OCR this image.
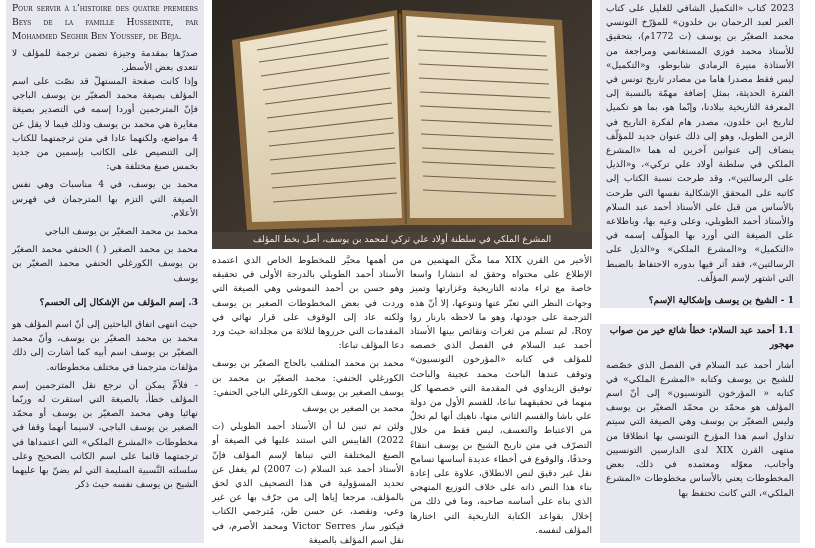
2023 كتاب «التكميل الشافي للغليل على كتاب العبر لعبد الرحمان بن خلدون» للمؤرّخ التونسي محمد الصغيّر بن يوسف (ت 1772م)، بتحقيق للأستاذ محمد فوزي المستغانمي ومراجعة من الأستاذة منيرة الرمادي شابوطو، و«التكميل» ليس فقط مصدرا هاما من مصادر تاريخ تونس في الفترة الحديثة، بمثل إضافة مهمّة بالنسبة إلى المعرفة التاريخية ببلادنا، وإنّما هو، بما هو تكميل لتاريخ ابن خلدون، مصدر هام لفكرة التاريخ في الزمن الطويل، وهو إلى ذلك عنوان جديد للمؤلّف ينضاف إلى عنوانين آخرين له هما «المشرع الملكي في سلطنة أولاد علي تركي»، و«الذيل على الرسالتين»، وقد طرحت نسبة الكتاب إلى كاتبه على المحقق الإشكالية نفسها التي طرحت بالأساس من قبل على الأستاذ أحمد عبد السلام والأستاذ أحمد الطويلي، وعلى وعيه بها، وباطلاعه على الصيغة التي أورد بها المؤلّف إسمه في «التكميل» و«المشرع الملكي» و«الذيل على الرسالتين»، فقد آثر فيها بدوره الاحتفاظ بالضبط التي اشتهر لإسم المؤلّف.

1 - الشيخ بن يوسف وإشكالية الإسم؟

1.1 أحمد عبد السلام: خطأ شائع خير من صواب مهجور

أشار أحمد عبد السلام في الفصل الذي خصّصه للشيخ بن يوسف وكتابه «المشرع الملكي» في كتابه « المؤرخون التونسيون» إلى أنّ اسم المؤلف هو محمّد بن محمّد الصغيّر بن يوسف وليس الصغيّر بن يوسف وهي الصيغة التي سيتم تداول اسم هذا المؤرخ التونسي بها انطلاقا من منتهى القرن XIX لدى الدارسين التونسيين وأجانب، معوّله ومعتمده في ذلك، بعض المخطوطات يعني بالأساس مخطوطات «المشرع الملكي»، التي كانت تحتفظ بها

المشرع الملكي في سلطنة أولاد علي تركي لمحمد بن يوسف، أصل بخط المؤلف

الأخير من القرن XIX مما مكّن المهتمين من الإطلاع على محتواه وحقق له انتشارا واسعا خاصة مع ثراء مادته التاريخية وغزارتها وتميز وجهات النظر التي تعبّر عنها وتنوعها، إلا أنّ هذه الترجمة على جودتها، وهو ما لاحظه بارنار روا Roy، لم تسلم من ثغرات ونقائص بينها الأستاذ أحمد عبد السلام في الفصل الذي خصصه للمؤلف في كتابه «المؤرخون التونسيون» وتوقف عندها الباحث محمد عجينة والباحث توفيق الزيداوي في المقدمة التي خصصها كل منهما في تحقيقهما تباعا، للقسم الأول من دولة علي باشا والقسم الثاني منها، ناهيك أنها لم تخلُ من الاعتباط والتعسف، ليس فقط من خلال التصرّف في متن تاريخ الشيخ بن يوسف انتقاءً وحذفًا، والوقوع في أخطاء عديدة أساسها تسامح نقل غير دقيق لنص الانطلاق، علاوة على إعادة بناء هذا النص ذاته على خلاف التوزيع المنهجي الذي بناه على أساسه صاحبه، وما في ذلك من إخلال بقواعد الكتابة التاريخية التي اختارها المؤلف لنفسه.

من أهمها محيَّر للمخطوط الخاص الذي اعتمده الأستاذ أحمد الطويلي بالدرجة الأولى في تحقيقه وهو حسن بن أحمد النموشي وهي الصيغة التي وردت في بعض المخطوطات الصغير بن يوسف ولكنه عاد إلى الوقوف على قرار نهائي في المقدمات التي حرروها لثلاثة من مجلداته حيث ورد دعا المؤلف تباعا:

محمد بن محمد المتلقب بالحاج الصغيّر بن يوسف الكورغلي الحنفي: محمد الصغيّر بن محمد بن يوسف الصغير بن يوسف الكورغلي الباجي الحنفي:

محمد بن الصغير بن يوسف

ولئن تم تبين لنا أن الأستاذ أحمد الطويلي (ت 2022) القايبس التي استند عليها في الصيغة أو الصيغ المختلفة التي تبناها لإسم المؤلف فإنّ الأستاذ أحمد عبد السلام (ت 2007) لم يغفل عن تحديد المسؤولية في هذا التصحيف الذي لحق بالمؤلف، مرجعا إياها إلى من حرّف بها عن غير وعي، ونقصد، عن حسن ظن، مُترجمي الكتاب فيكتور سار Victor Serres ومحمد الأصرم، في نقل اسم المؤلف بالصيغة

Pour servir à l’histoire des quatre premiers Beys de la famille Husseinite, par Mohammed Seghir Ben Youssef, de Béja.

صدرّها بمقدمة وجيزة تضمن ترجمة للمؤلف لا تتعدى بعض الأسطر.

وإذا كانت صفحة المستهلّ قد نصّت على اسم المؤلف بصيغة محمد الصغيّر بن يوسف الباجي فإنّ المترجمين أوردا إسمه في التصدير بصيغة مغايرة هي محمد بن يوسف وذلك فيما لا يقل عن 4 مواضع، ولكنهما عادا في متن ترجمتهما للكتاب إلى التنصيص على الكاتب بإسمين من جديد بخمس صيغ مختلفة هي:

محمد بن يوسف، في 4 مناسبات وهي نفس الصيغة التي التزم بها المترجمان في فهرس الأعلام.

محمد بن محمد الصغيّر بن يوسف الباجي

محمد بن محمد الصغير ( ) الحنفي محمد الصغيّر بن يوسف الكورغلي الحنفي محمد الصغيّر بن يوسف

3. إسم المؤلف من الإشكال إلى الحسم؟

حيث انتهى اتفاق الباحثين إلى أنّ اسم المؤلف هو محمد بن محمد الصغيّر بن يوسف، وأنّ محمد الصغيّر بن يوسف اسم أبيه كما أشارت إلى ذلك مؤلفات مترجمنا في مختلف مخطوطاته.

- فلأمِّ يمكن أن نرجع نقل المترجمين إسم المؤلف خطأ، بالصيغة التي استقرت له وربّما نهائيا وهي محمد الصغيّر بن يوسف أو محمّد الصغير بن يوسف الباجي، لاسيما أنهما وقفا في مخطوطات «المشرع الملكي» التي اعتمداها في ترجمتهما قائما على اسم الكاتب الصحيح وعلى سلسلته النَّسبية السليمة التي لم يضنّ بها عليهما الشيخ بن يوسف نفسه حيث ذكر
